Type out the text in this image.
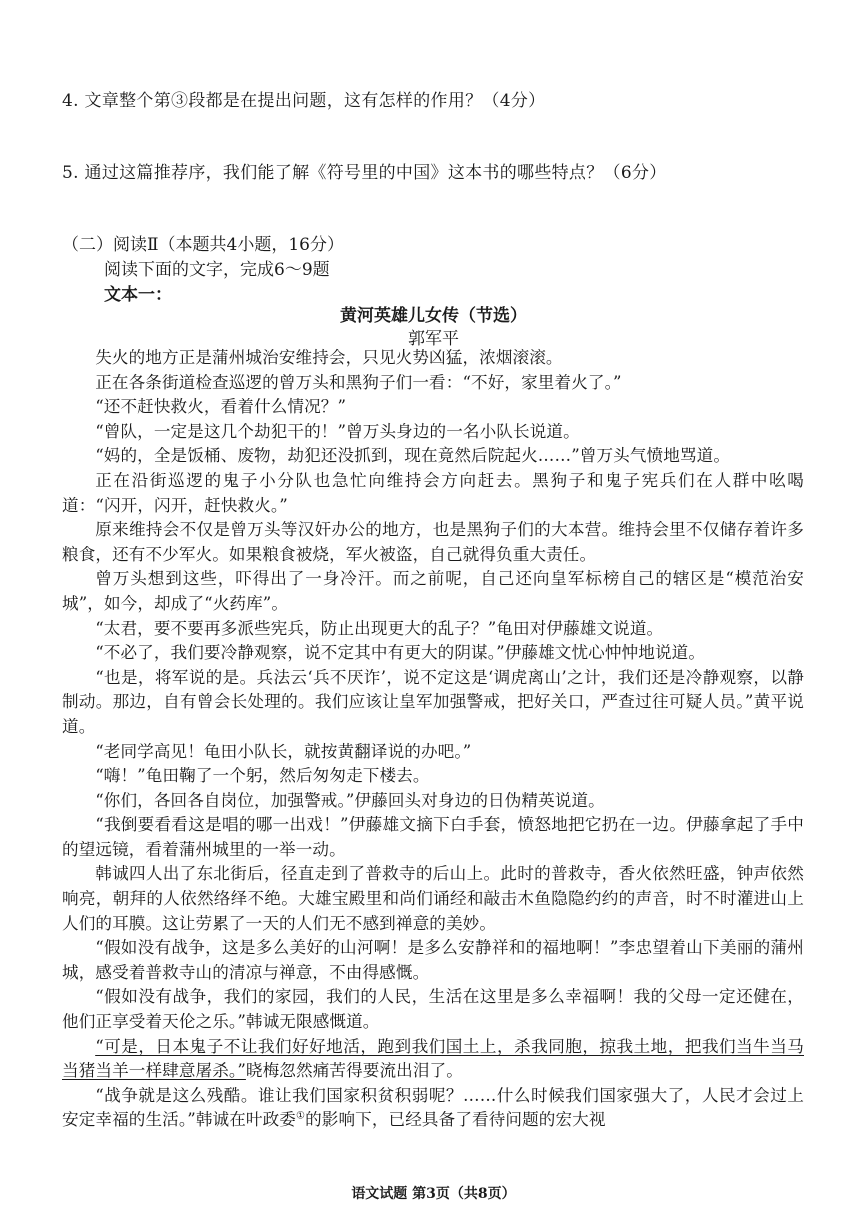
4. 文章整个第③段都是在提出问题，这有怎样的作用？（4分）
5. 通过这篇推荐序，我们能了解《符号里的中国》这本书的哪些特点？（6分）
（二）阅读Ⅱ（本题共4小题，16分）
阅读下面的文字，完成6～9题
文本一：
黄河英雄儿女传（节选）
郭军平

失火的地方正是蒲州城治安维持会，只见火势凶猛，浓烟滚滚。

正在各条街道检查巡逻的曾万头和黑狗子们一看：“不好，家里着火了。”

“还不赶快救火，看着什么情况？”

“曾队，一定是这几个劫犯干的！”曾万头身边的一名小队长说道。

“妈的，全是饭桶、废物，劫犯还没抓到，现在竟然后院起火……”曾万头气愤地骂道。

正在沿街巡逻的鬼子小分队也急忙向维持会方向赶去。黑狗子和鬼子宪兵们在人群中吆喝道：“闪开，闪开，赶快救火。”

原来维持会不仅是曾万头等汉奸办公的地方，也是黑狗子们的大本营。维持会里不仅储存着许多粮食，还有不少军火。如果粮食被烧，军火被盗，自己就得负重大责任。

曾万头想到这些，吓得出了一身冷汗。而之前呢，自己还向皇军标榜自己的辖区是“模范治安城”，如今，却成了“火药库”。

“太君，要不要再多派些宪兵，防止出现更大的乱子？”龟田对伊藤雄文说道。

“不必了，我们要冷静观察，说不定其中有更大的阴谋。”伊藤雄文忧心忡忡地说道。

“也是，将军说的是。兵法云‘兵不厌诈’，说不定这是‘调虎离山’之计，我们还是冷静观察，以静制动。那边，自有曾会长处理的。我们应该让皇军加强警戒，把好关口，严查过往可疑人员。”黄平说道。

“老同学高见！龟田小队长，就按黄翻译说的办吧。”

“嗨！”龟田鞠了一个躬，然后匆匆走下楼去。

“你们，各回各自岗位，加强警戒。”伊藤回头对身边的日伪精英说道。

“我倒要看看这是唱的哪一出戏！”伊藤雄文摘下白手套，愤怒地把它扔在一边。伊藤拿起了手中的望远镜，看着蒲州城里的一举一动。

韩诚四人出了东北街后，径直走到了普救寺的后山上。此时的普救寺，香火依然旺盛，钟声依然响亮，朝拜的人依然络绎不绝。大雄宝殿里和尚们诵经和敲击木鱼隐隐约约的声音，时不时灌进山上人们的耳膜。这让劳累了一天的人们无不感到禅意的美妙。

“假如没有战争，这是多么美好的山河啊！是多么安静祥和的福地啊！”李忠望着山下美丽的蒲州城，感受着普救寺山的清凉与禅意，不由得感慨。

“假如没有战争，我们的家园，我们的人民，生活在这里是多么幸福啊！我的父母一定还健在，他们正享受着天伦之乐。”韩诚无限感慨道。

“可是，日本鬼子不让我们好好地活，跑到我们国土上，杀我同胞，掠我土地，把我们当牛当马当猪当羊一样肆意屠杀。”晓梅忽然痛苦得要流出泪了。

“战争就是这么残酷。谁让我们国家积贫积弱呢？……什么时候我们国家强大了，人民才会过上安定幸福的生活。”韩诚在叶政委①的影响下，已经具备了看待问题的宏大视

语文试题 第3页（共8页）
